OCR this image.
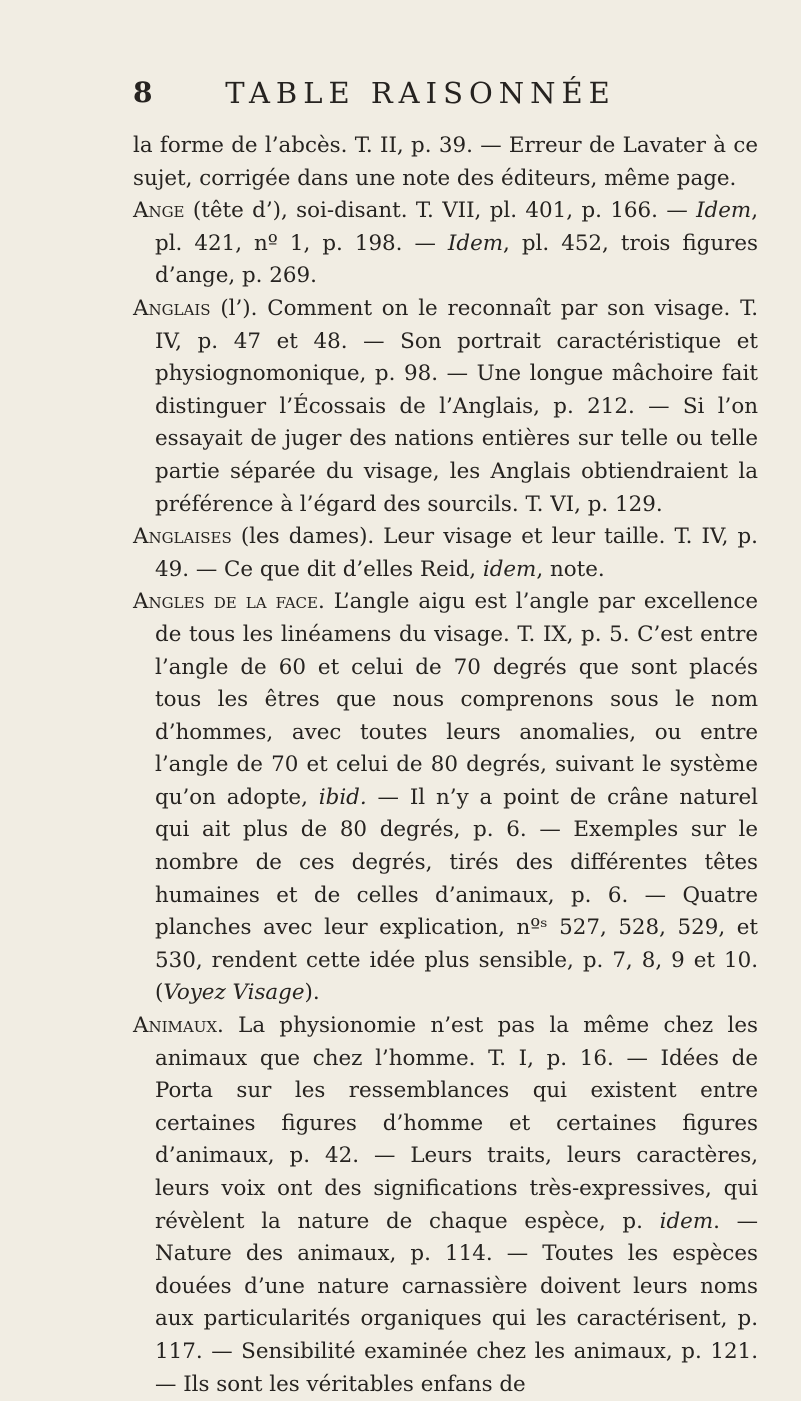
8	TABLE RAISONNÉE

la forme de l’abcès. T. II, p. 39. — Erreur de Lavater à ce sujet, corrigée dans une note des éditeurs, même page.

Ange (tête d’), soi-disant. T. VII, pl. 401, p. 166. — Idem, pl. 421, nº 1, p. 198. — Idem, pl. 452, trois figures d’ange, p. 269.

Anglais (l’). Comment on le reconnaît par son visage. T. IV, p. 47 et 48. — Son portrait caractéristique et physiognomonique, p. 98. — Une longue mâchoire fait distinguer l’Écossais de l’Anglais, p. 212. — Si l’on essayait de juger des nations entières sur telle ou telle partie séparée du visage, les Anglais obtiendraient la préférence à l’égard des sourcils. T. VI, p. 129.

Anglaises (les dames). Leur visage et leur taille. T. IV, p. 49. — Ce que dit d’elles Reid, idem, note.

Angles de la face. L’angle aigu est l’angle par excellence de tous les linéamens du visage. T. IX, p. 5. C’est entre l’angle de 60 et celui de 70 degrés que sont placés tous les êtres que nous comprenons sous le nom d’hommes, avec toutes leurs anomalies, ou entre l’angle de 70 et celui de 80 degrés, suivant le système qu’on adopte, ibid. — Il n’y a point de crâne naturel qui ait plus de 80 degrés, p. 6. — Exemples sur le nombre de ces degrés, tirés des différentes têtes humaines et de celles d’animaux, p. 6. — Quatre planches avec leur explication, nºˢ 527, 528, 529, et 530, rendent cette idée plus sensible, p. 7, 8, 9 et 10. (Voyez Visage).

Animaux. La physionomie n’est pas la même chez les animaux que chez l’homme. T. I, p. 16. — Idées de Porta sur les ressemblances qui existent entre certaines figures d’homme et certaines figures d’animaux, p. 42. — Leurs traits, leurs caractères, leurs voix ont des significations très-expressives, qui révèlent la nature de chaque espèce, p. idem. — Nature des animaux, p. 114. — Toutes les espèces douées d’une nature carnassière doivent leurs noms aux particularités organiques qui les caractérisent, p. 117. — Sensibilité examinée chez les animaux, p. 121. — Ils sont les véritables enfans de
